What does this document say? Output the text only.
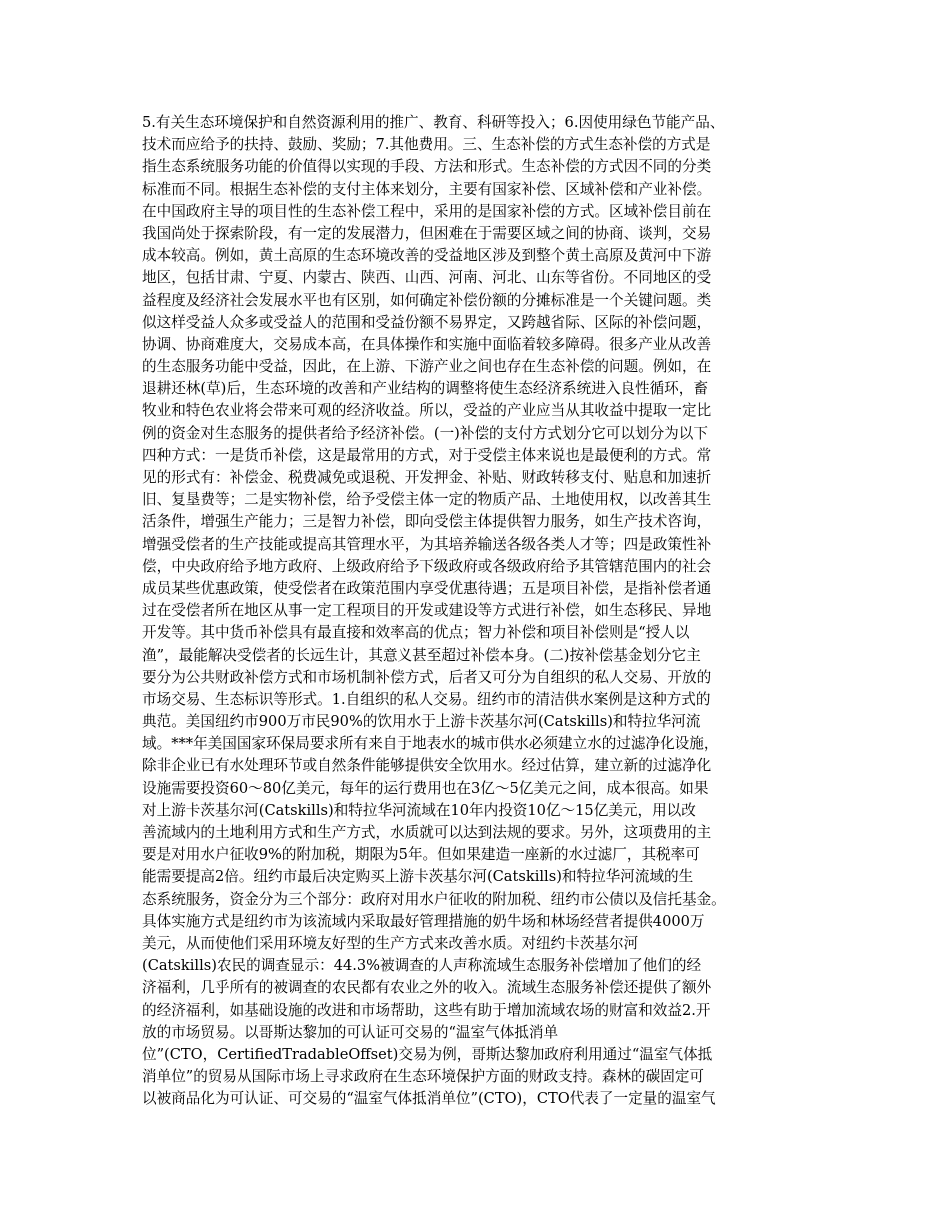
5.有关生态环境保护和自然资源利用的推广、教育、科研等投入；6.因使用绿色节能产品、
技术而应给予的扶持、鼓励、奖励；7.其他费用。三、生态补偿的方式生态补偿的方式是
指生态系统服务功能的价值得以实现的手段、方法和形式。生态补偿的方式因不同的分类
标准而不同。根据生态补偿的支付主体来划分，主要有国家补偿、区域补偿和产业补偿。
在中国政府主导的项目性的生态补偿工程中，采用的是国家补偿的方式。区域补偿目前在
我国尚处于探索阶段，有一定的发展潜力，但困难在于需要区域之间的协商、谈判，交易
成本较高。例如，黄土高原的生态环境改善的受益地区涉及到整个黄土高原及黄河中下游
地区，包括甘肃、宁夏、内蒙古、陕西、山西、河南、河北、山东等省份。不同地区的受
益程度及经济社会发展水平也有区别，如何确定补偿份额的分摊标准是一个关键问题。类
似这样受益人众多或受益人的范围和受益份额不易界定，又跨越省际、区际的补偿问题，
协调、协商难度大，交易成本高，在具体操作和实施中面临着较多障碍。很多产业从改善
的生态服务功能中受益，因此，在上游、下游产业之间也存在生态补偿的问题。例如，在
退耕还林(草)后，生态环境的改善和产业结构的调整将使生态经济系统进入良性循环，畜
牧业和特色农业将会带来可观的经济收益。所以，受益的产业应当从其收益中提取一定比
例的资金对生态服务的提供者给予经济补偿。(一)补偿的支付方式划分它可以划分为以下
四种方式：一是货币补偿，这是最常用的方式，对于受偿主体来说也是最便利的方式。常
见的形式有：补偿金、税费减免或退税、开发押金、补贴、财政转移支付、贴息和加速折
旧、复垦费等；二是实物补偿，给予受偿主体一定的物质产品、土地使用权，以改善其生
活条件，增强生产能力；三是智力补偿，即向受偿主体提供智力服务，如生产技术咨询，
增强受偿者的生产技能或提高其管理水平，为其培养输送各级各类人才等；四是政策性补
偿，中央政府给予地方政府、上级政府给予下级政府或各级政府给予其管辖范围内的社会
成员某些优惠政策，使受偿者在政策范围内享受优惠待遇；五是项目补偿，是指补偿者通
过在受偿者所在地区从事一定工程项目的开发或建设等方式进行补偿，如生态移民、异地
开发等。其中货币补偿具有最直接和效率高的优点；智力补偿和项目补偿则是“授人以
渔”，最能解决受偿者的长远生计，其意义甚至超过补偿本身。(二)按补偿基金划分它主
要分为公共财政补偿方式和市场机制补偿方式，后者又可分为自组织的私人交易、开放的
市场交易、生态标识等形式。1.自组织的私人交易。纽约市的清洁供水案例是这种方式的
典范。美国纽约市900万市民90%的饮用水于上游卡茨基尔河(Catskills)和特拉华河流
域。***年美国国家环保局要求所有来自于地表水的城市供水必须建立水的过滤净化设施，
除非企业已有水处理环节或自然条件能够提供安全饮用水。经过估算，建立新的过滤净化
设施需要投资60～80亿美元，每年的运行费用也在3亿～5亿美元之间，成本很高。如果
对上游卡茨基尔河(Catskills)和特拉华河流域在10年内投资10亿～15亿美元，用以改
善流域内的土地利用方式和生产方式，水质就可以达到法规的要求。另外，这项费用的主
要是对用水户征收9%的附加税，期限为5年。但如果建造一座新的水过滤厂，其税率可
能需要提高2倍。纽约市最后决定购买上游卡茨基尔河(Catskills)和特拉华河流域的生
态系统服务，资金分为三个部分：政府对用水户征收的附加税、纽约市公债以及信托基金。
具体实施方式是纽约市为该流域内采取最好管理措施的奶牛场和林场经营者提供4000万
美元，从而使他们采用环境友好型的生产方式来改善水质。对纽约卡茨基尔河
(Catskills)农民的调查显示：44.3%被调查的人声称流域生态服务补偿增加了他们的经
济福利，几乎所有的被调查的农民都有农业之外的收入。流域生态服务补偿还提供了额外
的经济福利，如基础设施的改进和市场帮助，这些有助于增加流域农场的财富和效益2.开
放的市场贸易。以哥斯达黎加的可认证可交易的“温室气体抵消单
位”(CTO，CertifiedTradableOffset)交易为例，哥斯达黎加政府利用通过“温室气体抵
消单位”的贸易从国际市场上寻求政府在生态环境保护方面的财政支持。森林的碳固定可
以被商品化为可认证、可交易的“温室气体抵消单位”(CTO)，CTO代表了一定量的温室气
